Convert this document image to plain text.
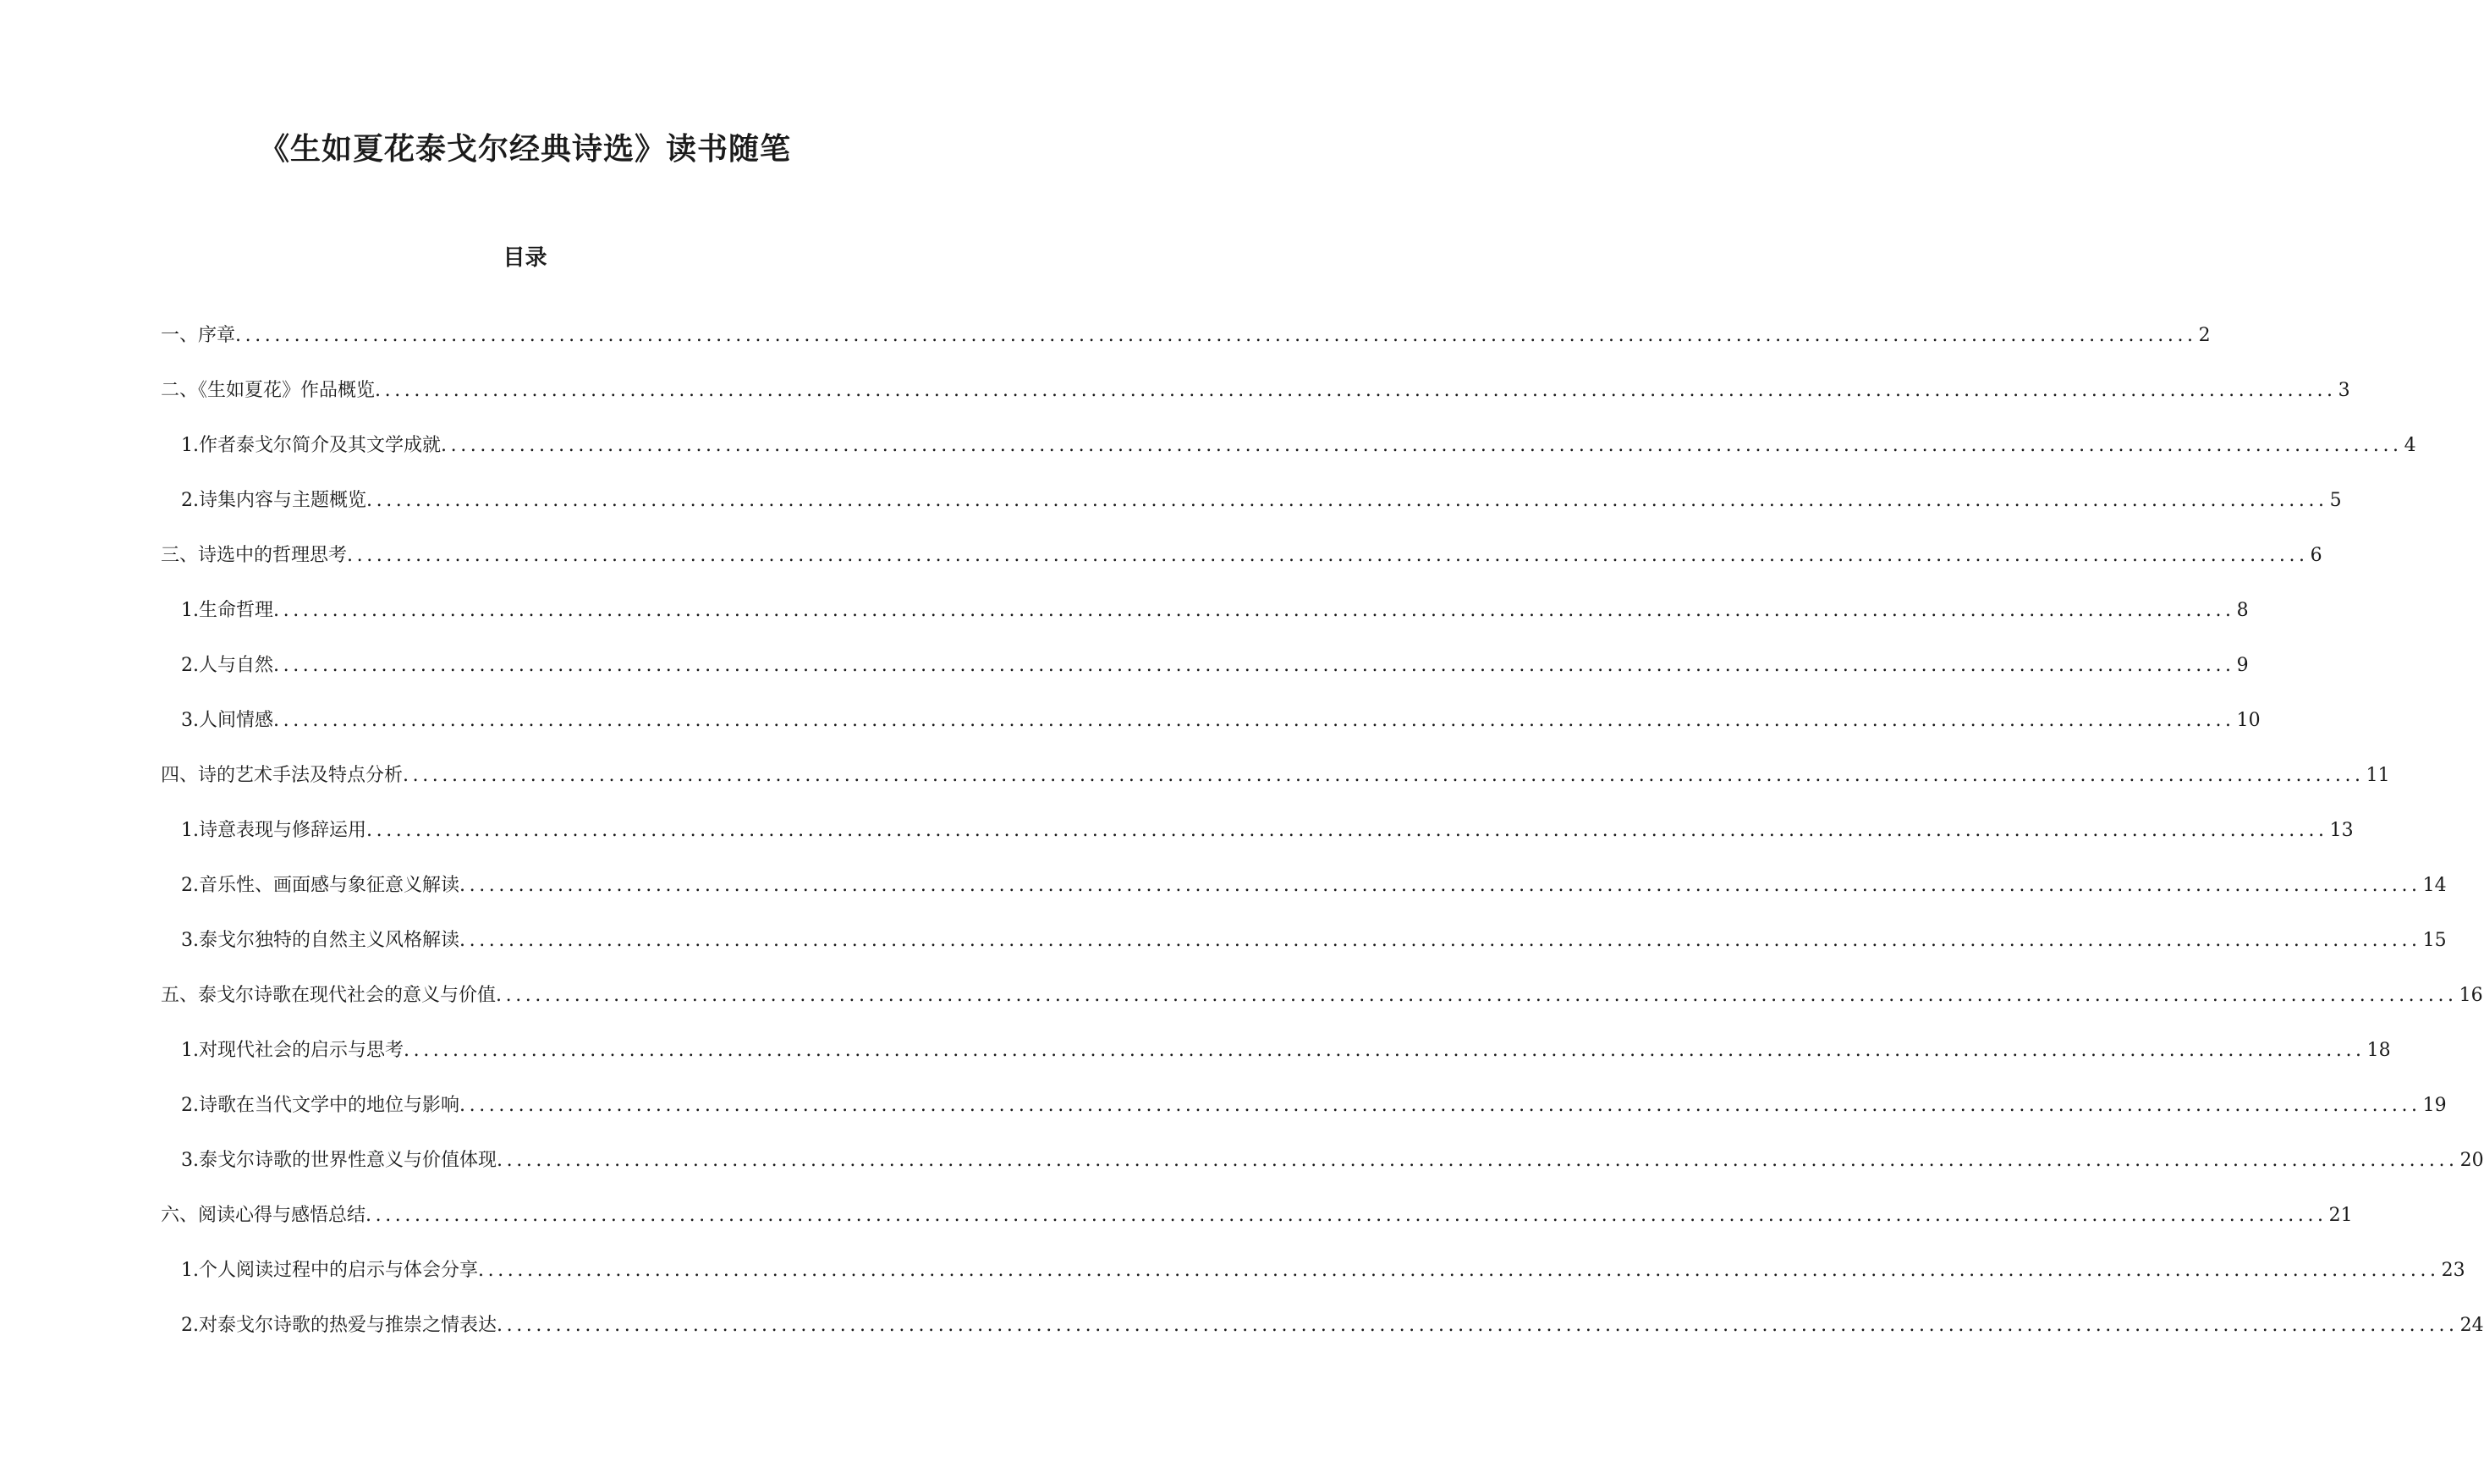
《生如夏花泰戈尔经典诗选》读书随笔
目录
一、序章 ........................................................................................................................................................................................................ 2
二、《生如夏花》作品概览 ........................................................................................................................................................................................................ 3
1. 作者泰戈尔简介及其文学成就 ........................................................................................................................................................................................................ 4
2. 诗集内容与主题概览 ........................................................................................................................................................................................................ 5
三、诗选中的哲理思考 ........................................................................................................................................................................................................ 6
1. 生命哲理 ........................................................................................................................................................................................................ 8
2. 人与自然 ........................................................................................................................................................................................................ 9
3. 人间情感 ........................................................................................................................................................................................................ 10
四、诗的艺术手法及特点分析 ........................................................................................................................................................................................................ 11
1. 诗意表现与修辞运用 ........................................................................................................................................................................................................ 13
2. 音乐性、画面感与象征意义解读 ........................................................................................................................................................................................................ 14
3. 泰戈尔独特的自然主义风格解读 ........................................................................................................................................................................................................ 15
五、泰戈尔诗歌在现代社会的意义与价值 ........................................................................................................................................................................................................ 16
1. 对现代社会的启示与思考 ........................................................................................................................................................................................................ 18
2. 诗歌在当代文学中的地位与影响 ........................................................................................................................................................................................................ 19
3. 泰戈尔诗歌的世界性意义与价值体现 ........................................................................................................................................................................................................ 20
六、阅读心得与感悟总结 ........................................................................................................................................................................................................ 21
1. 个人阅读过程中的启示与体会分享 ........................................................................................................................................................................................................ 23
2. 对泰戈尔诗歌的热爱与推崇之情表达 ........................................................................................................................................................................................................ 24
